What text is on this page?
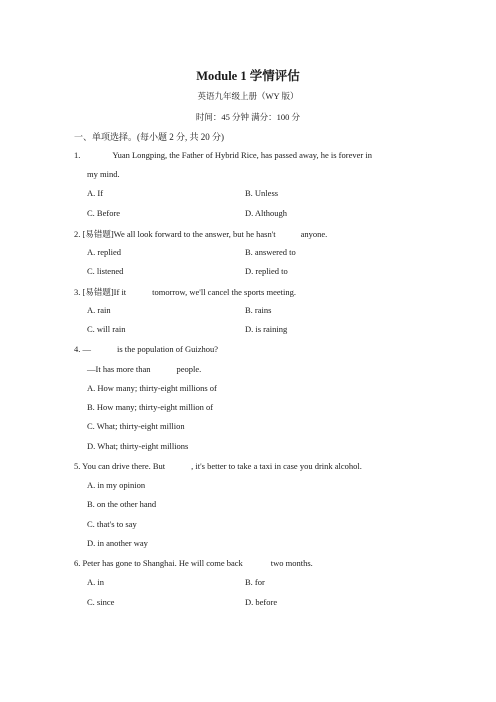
Module 1 学情评估
英语九年级上册（WY 版）
时间：45 分钟 满分：100 分
一、单项选择。(每小题 2 分, 共 20 分)
1.	Yuan Longping, the Father of Hybrid Rice, has passed away, he is forever in
my mind.
A. If	B. Unless
C. Before	D. Although
2. [易错题]We all look forward to the answer, but he hasn't	anyone.
A. replied	B. answered to
C. listened	D. replied to
3. [易错题]If it	tomorrow, we'll cancel the sports meeting.
A. rain	B. rains
C. will rain	D. is raining
4. —	is the population of Guizhou?
—It has more than	people.
A. How many; thirty-eight millions of
B. How many; thirty-eight million of
C. What; thirty-eight million
D. What; thirty-eight millions
5. You can drive there. But	, it's better to take a taxi in case you drink alcohol.
A. in my opinion
B. on the other hand
C. that's to say
D. in another way
6. Peter has gone to Shanghai. He will come back	two months.
A. in	B. for
C. since	D. before
